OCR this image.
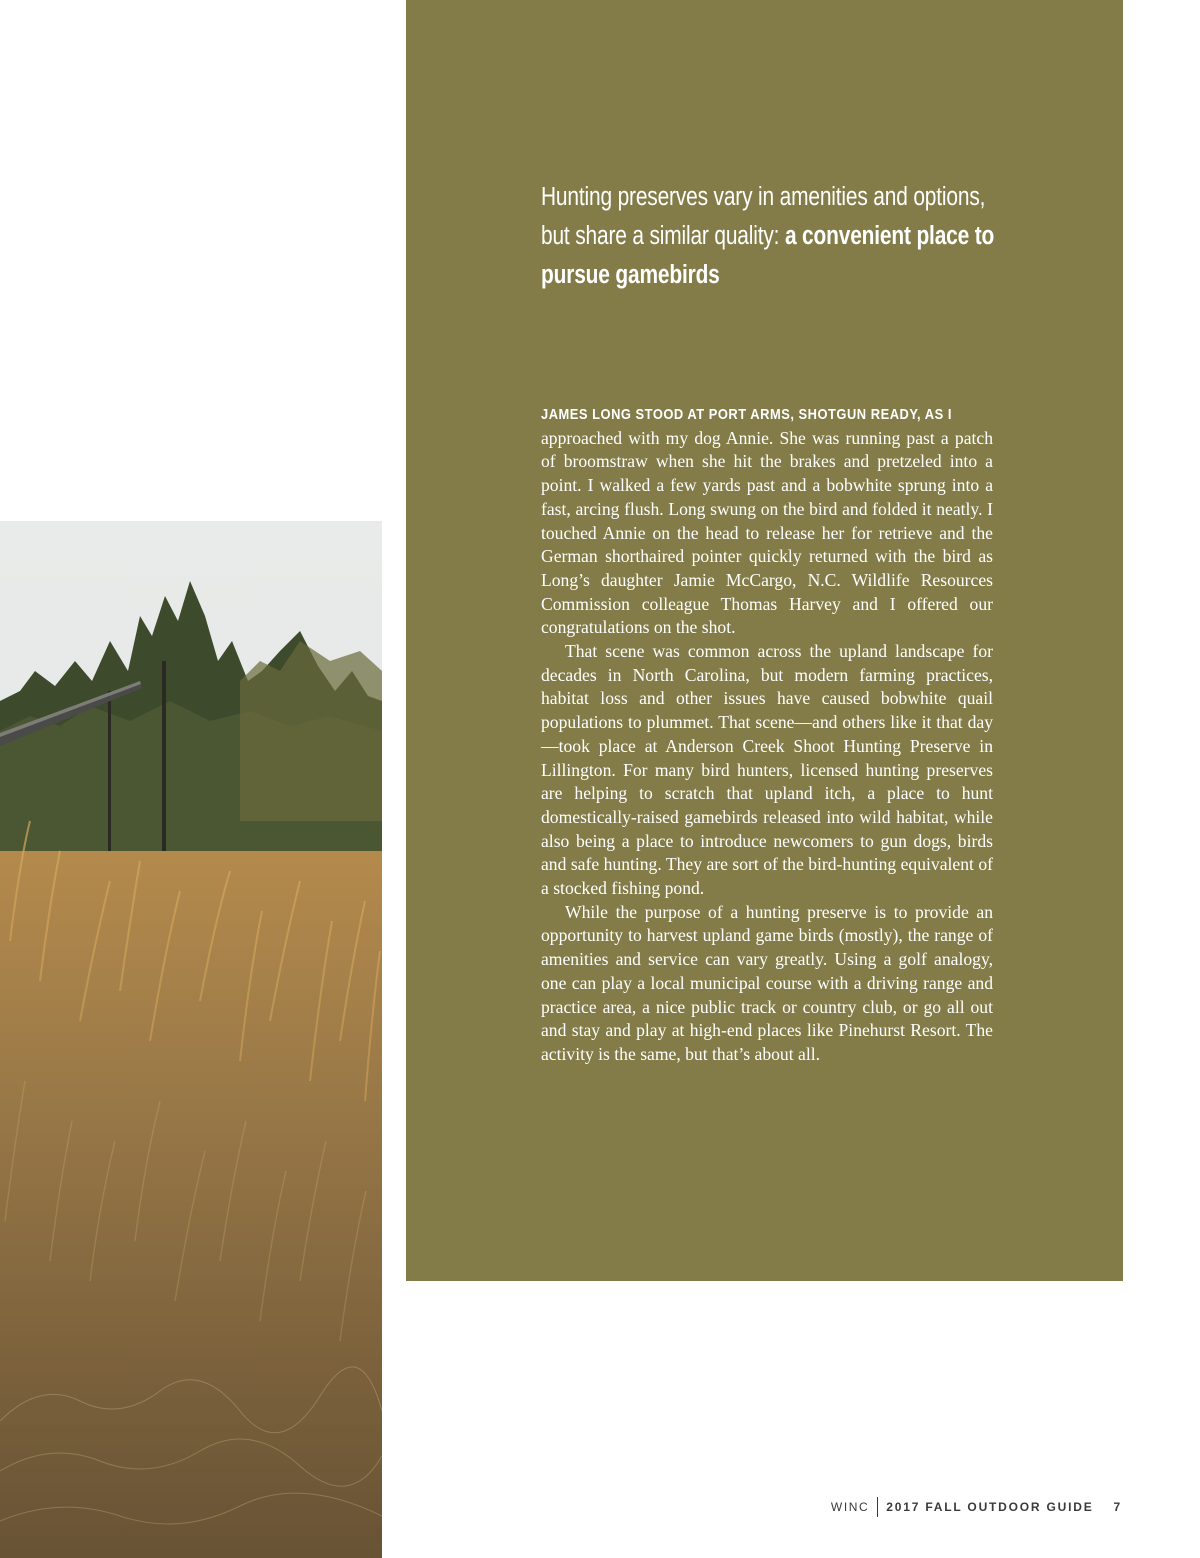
Hunting preserves vary in amenities and options, but share a similar quality: a convenient place to pursue gamebirds

JAMES LONG STOOD AT PORT ARMS, SHOTGUN READY, AS I approached with my dog Annie. She was running past a patch of broomstraw when she hit the brakes and pretzeled into a point. I walked a few yards past and a bobwhite sprung into a fast, arcing flush. Long swung on the bird and folded it neatly. I touched Annie on the head to release her for retrieve and the German shorthaired pointer quickly returned with the bird as Long’s daughter Jamie McCargo, N.C. Wildlife Resources Commission colleague Thomas Harvey and I offered our congratulations on the shot.

That scene was common across the upland landscape for decades in North Carolina, but modern farming practices, habitat loss and other issues have caused bobwhite quail populations to plummet. That scene—and others like it that day—took place at Anderson Creek Shoot Hunting Preserve in Lillington. For many bird hunters, licensed hunting preserves are helping to scratch that upland itch, a place to hunt domestically-raised gamebirds released into wild habitat, while also being a place to introduce newcomers to gun dogs, birds and safe hunting. They are sort of the bird-hunting equivalent of a stocked fishing pond.

While the purpose of a hunting preserve is to provide an opportunity to harvest upland game birds (mostly), the range of amenities and service can vary greatly. Using a golf analogy, one can play a local municipal course with a driving range and practice area, a nice public track or country club, or go all out and stay and play at high-end places like Pinehurst Resort. The activity is the same, but that’s about all.

WINC 2017 FALL OUTDOOR GUIDE 7
